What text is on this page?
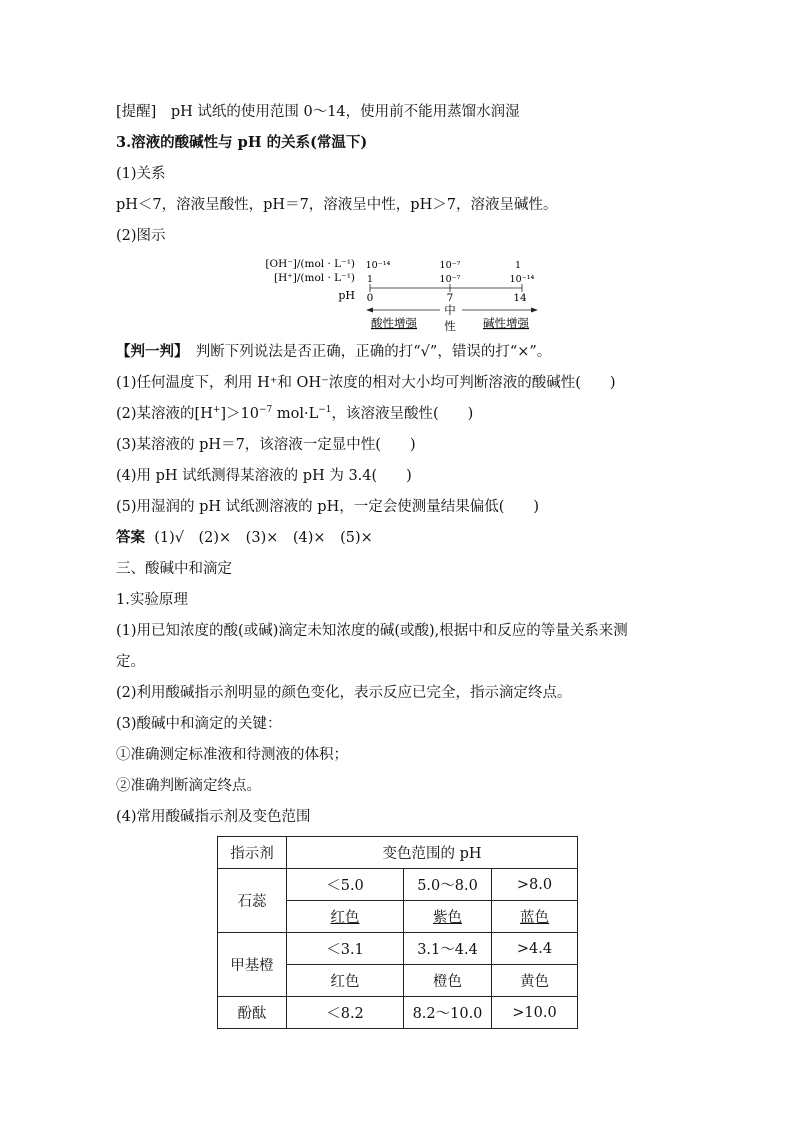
[提醒]　 pH 试纸的使用范围 0～14，使用前不能用蒸馏水润湿
3.溶液的酸碱性与 pH 的关系(常温下)
(1)关系
pH＜7，溶液呈酸性，pH＝7，溶液呈中性，pH＞7，溶液呈碱性。
(2)图示
[OH⁻]/(mol · L⁻¹)
[H⁺]/(mol · L⁻¹)
pH
10⁻¹⁴	10⁻⁷	1
1	10⁻⁷	10⁻¹⁴
0	7	14
中
性
酸性增强	碱性增强
【判一判】　 判断下列说法是否正确，正确的打“√”，错误的打“×”。
(1)任何温度下，利用 H⁺和 OH⁻浓度的相对大小均可判断溶液的酸碱性(　　)
(2)某溶液的$[H^+]>10^{-7}$ $mol\cdot L^{-1}$，该溶液呈酸性(　　)
(3)某溶液的 pH＝7，该溶液一定显中性(　　)
(4)用 pH 试纸测得某溶液的 pH 为 3.4(　　)
(5)用湿润的 pH 试纸测溶液的 pH，一定会使测量结果偏低(　　)
答案 (1)√　(2)×　(3)×　(4)×　(5)×
三、酸碱中和滴定
1.实验原理
(1)用已知浓度的酸(或碱)滴定未知浓度的碱(或酸),根据中和反应的等量关系来测
定。
(2)利用酸碱指示剂明显的颜色变化，表示反应已完全，指示滴定终点。
(3)酸碱中和滴定的关键：
①准确测定标准液和待测液的体积；
②准确判断滴定终点。
(4)常用酸碱指示剂及变色范围
指示剂	变色范围的 pH		
石蕊	＜5.0	5.0～8.0	>8.0
	红色	紫色	蓝色
甲基橙	＜3.1	3.1～4.4	>4.4
	红色	橙色	黄色
酚酞	＜8.2	8.2～10.0	>10.0
